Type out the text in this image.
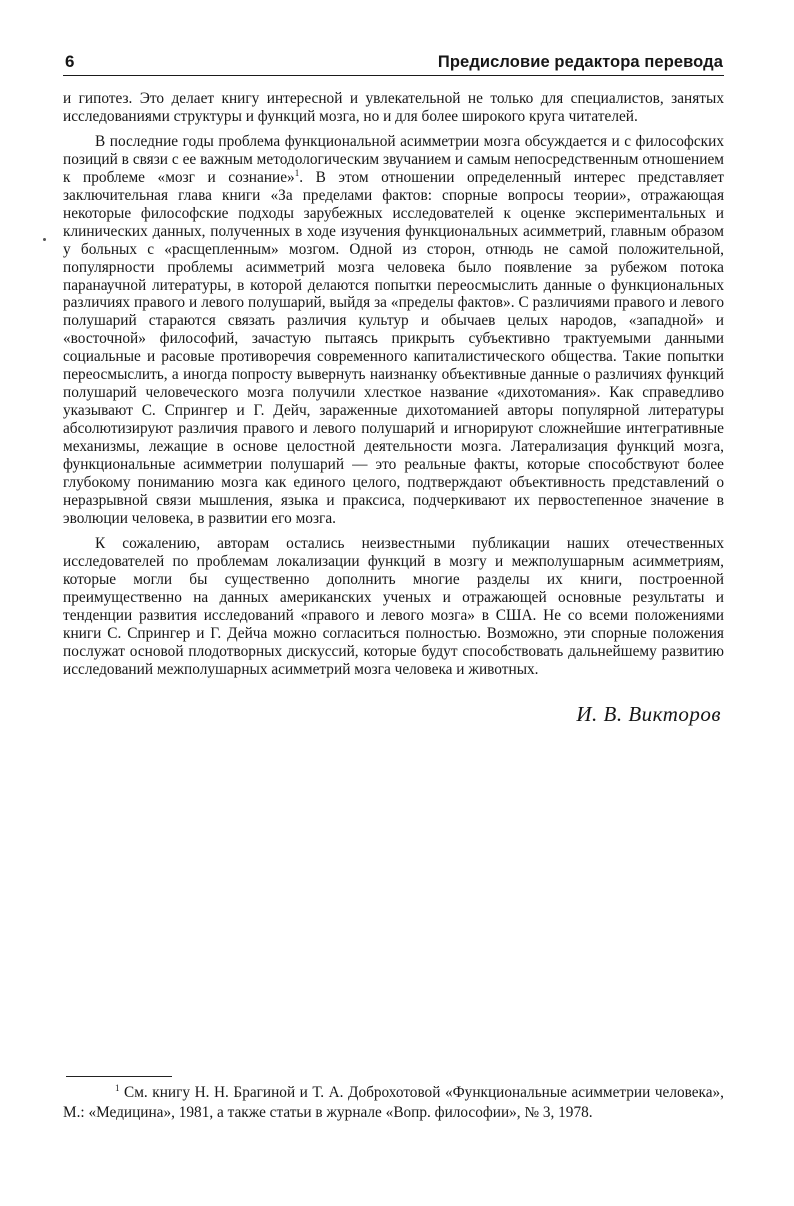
6	Предисловие редактора перевода

и гипотез. Это делает книгу интересной и увлекательной не только для специалистов, занятых исследованиями структуры и функций мозга, но и для более широкого круга читателей.

В последние годы проблема функциональной асимметрии мозга обсуждается и с философских позиций в связи с ее важным методологическим звучанием и самым непосредственным отношением к проблеме «мозг и сознание»$^1$. В этом отношении определенный интерес представляет заключительная глава книги «За пределами фактов: спорные вопросы теории», отражающая некоторые философские подходы зарубежных исследователей к оценке экспериментальных и клинических данных, полученных в ходе изучения функциональных асимметрий, главным образом у больных с «расщепленным» мозгом. Одной из сторон, отнюдь не самой положительной, популярности проблемы асимметрий мозга человека было появление за рубежом потока паранаучной литературы, в которой делаются попытки переосмыслить данные о функциональных различиях правого и левого полушарий, выйдя за «пределы фактов». С различиями правого и левого полушарий стараются связать различия культур и обычаев целых народов, «западной» и «восточной» философий, зачастую пытаясь прикрыть субъективно трактуемыми данными социальные и расовые противоречия современного капиталистического общества. Такие попытки переосмыслить, а иногда попросту вывернуть наизнанку объективные данные о различиях функций полушарий человеческого мозга получили хлесткое название «дихотомания». Как справедливо указывают С. Спрингер и Г. Дейч, зараженные дихотоманией авторы популярной литературы абсолютизируют различия правого и левого полушарий и игнорируют сложнейшие интегративные механизмы, лежащие в основе целостной деятельности мозга. Латерализация функций мозга, функциональные асимметрии полушарий — это реальные факты, которые способствуют более глубокому пониманию мозга как единого целого, подтверждают объективность представлений о неразрывной связи мышления, языка и праксиса, подчеркивают их первостепенное значение в эволюции человека, в развитии его мозга.

К сожалению, авторам остались неизвестными публикации наших отечественных исследователей по проблемам локализации функций в мозгу и межполушарным асимметриям, которые могли бы существенно дополнить многие разделы их книги, построенной преимущественно на данных американских ученых и отражающей основные результаты и тенденции развития исследований «правого и левого мозга» в США. Не со всеми положениями книги С. Спрингер и Г. Дейча можно согласиться полностью. Возможно, эти спорные положения послужат основой плодотворных дискуссий, которые будут способствовать дальнейшему развитию исследований межполушарных асимметрий мозга человека и животных.

И. В. Викторов
$^1$ См. книгу Н. Н. Брагиной и Т. А. Доброхотовой «Функциональные асимметрии человека», М.: «Медицина», 1981, а также статьи в журнале «Вопр. философии», № 3, 1978.
